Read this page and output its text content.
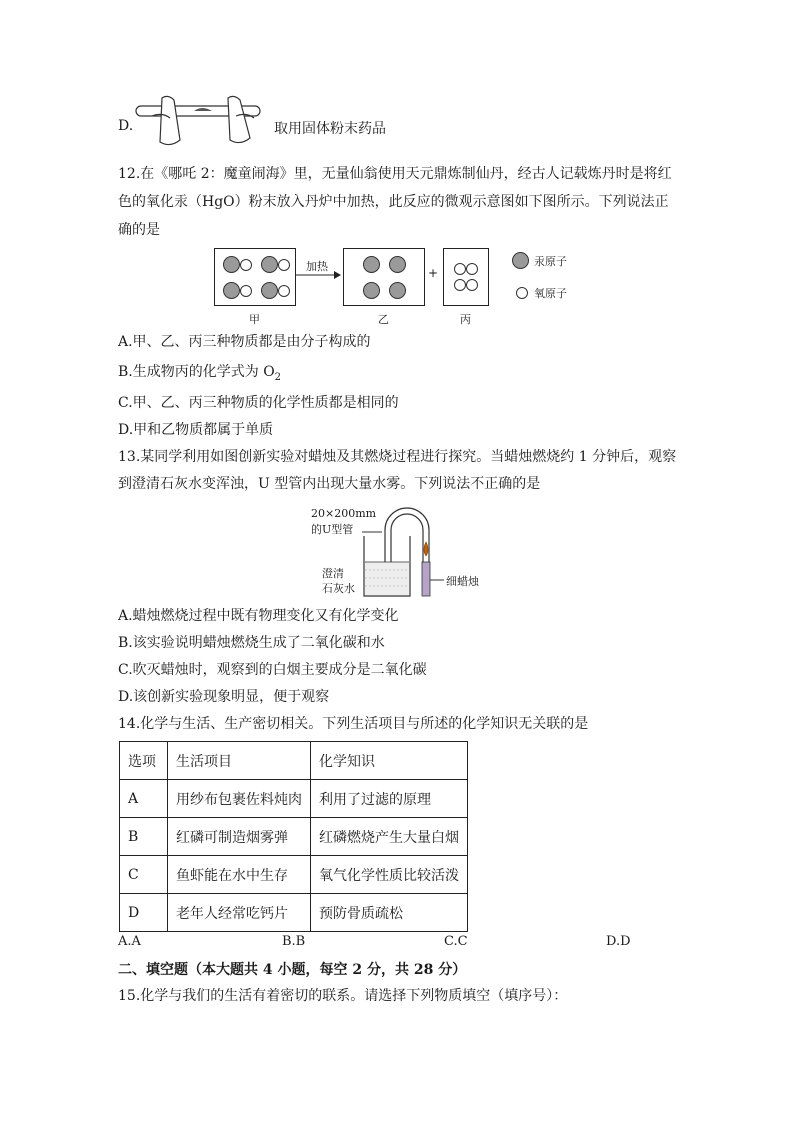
D.	取用固体粉末药品
12.在《哪吒 2：魔童闹海》里，无量仙翁使用天元鼎炼制仙丹，经古人记载炼丹时是将红
色的氧化汞（HgO）粉末放入丹炉中加热，此反应的微观示意图如下图所示。下列说法正
确的是
加热	+
汞原子
氧原子
甲	乙	丙
A.甲、乙、丙三种物质都是由分子构成的
B.生成物丙的化学式为 $O_2$
C.甲、乙、丙三种物质的化学性质都是相同的
D.甲和乙物质都属于单质
13.某同学利用如图创新实验对蜡烛及其燃烧过程进行探究。当蜡烛燃烧约 1 分钟后，观察
到澄清石灰水变浑浊，U 型管内出现大量水雾。下列说法不正确的是
20×200mm
的U型管
澄清
石灰水
细蜡烛
A.蜡烛燃烧过程中既有物理变化又有化学变化
B.该实验说明蜡烛燃烧生成了二氧化碳和水
C.吹灭蜡烛时，观察到的白烟主要成分是二氧化碳
D.该创新实验现象明显，便于观察
14.化学与生活、生产密切相关。下列生活项目与所述的化学知识无关联的是
选项	生活项目	化学知识
A	用纱布包裹佐料炖肉	利用了过滤的原理
B	红磷可制造烟雾弹	红磷燃烧产生大量白烟
C	鱼虾能在水中生存	氧气化学性质比较活泼
D	老年人经常吃钙片	预防骨质疏松
A.A	B.B	C.C	D.D
二、填空题（本大题共 4 小题，每空 2 分，共 28 分）
15.化学与我们的生活有着密切的联系。请选择下列物质填空（填序号）：
